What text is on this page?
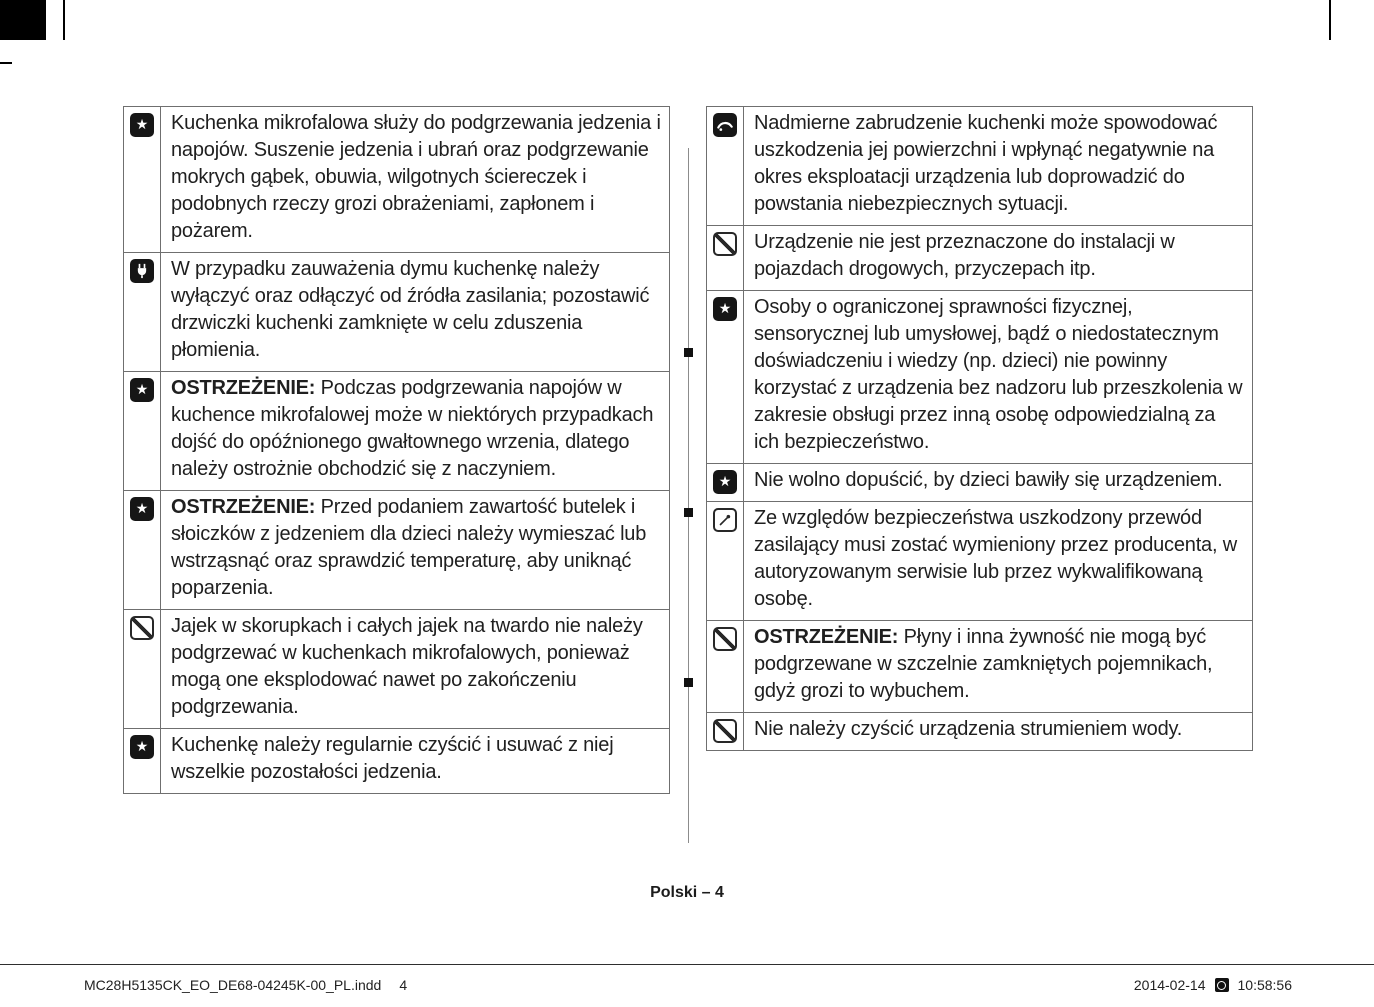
★
Kuchenka mikrofalowa służy do podgrzewania jedzenia i napojów. Suszenie jedzenia i ubrań oraz podgrzewanie mokrych gąbek, obuwia, wilgotnych ściereczek i podobnych rzeczy grozi obrażeniami, zapłonem i pożarem.
W przypadku zauważenia dymu kuchenkę należy wyłączyć oraz odłączyć od źródła zasilania; pozostawić drzwiczki kuchenki zamknięte w celu zduszenia płomienia.
★
OSTRZEŻENIE: Podczas podgrzewania napojów w kuchence mikrofalowej może w niektórych przypadkach dojść do opóźnionego gwałtownego wrzenia, dlatego należy ostrożnie obchodzić się z naczyniem.
★
OSTRZEŻENIE: Przed podaniem zawartość butelek i słoiczków z jedzeniem dla dzieci należy wymieszać lub wstrząsnąć oraz sprawdzić temperaturę, aby uniknąć poparzenia.
Jajek w skorupkach i całych jajek na twardo nie należy podgrzewać w kuchenkach mikrofalowych, ponieważ mogą one eksplodować nawet po zakończeniu podgrzewania.
★
Kuchenkę należy regularnie czyścić i usuwać z niej wszelkie pozostałości jedzenia.
Nadmierne zabrudzenie kuchenki może spowodować uszkodzenia jej powierzchni i wpłynąć negatywnie na okres eksploatacji urządzenia lub doprowadzić do powstania niebezpiecznych sytuacji.
Urządzenie nie jest przeznaczone do instalacji w pojazdach drogowych, przyczepach itp.
★
Osoby o ograniczonej sprawności fizycznej, sensorycznej lub umysłowej, bądź o niedostatecznym doświadczeniu i wiedzy (np. dzieci) nie powinny korzystać z urządzenia bez nadzoru lub przeszkolenia w zakresie obsługi przez inną osobę odpowiedzialną za ich bezpieczeństwo.
★
Nie wolno dopuścić, by dzieci bawiły się urządzeniem.
Ze względów bezpieczeństwa uszkodzony przewód zasilający musi zostać wymieniony przez producenta, w autoryzowanym serwisie lub przez wykwalifikowaną osobę.
OSTRZEŻENIE: Płyny i inna żywność nie mogą być podgrzewane w szczelnie zamkniętych pojemnikach, gdyż grozi to wybuchem.
Nie należy czyścić urządzenia strumieniem wody.
Polski – 4
MC28H5135CK_EO_DE68-04245K-00_PL.indd 4	2014-02-14 10:58:56
